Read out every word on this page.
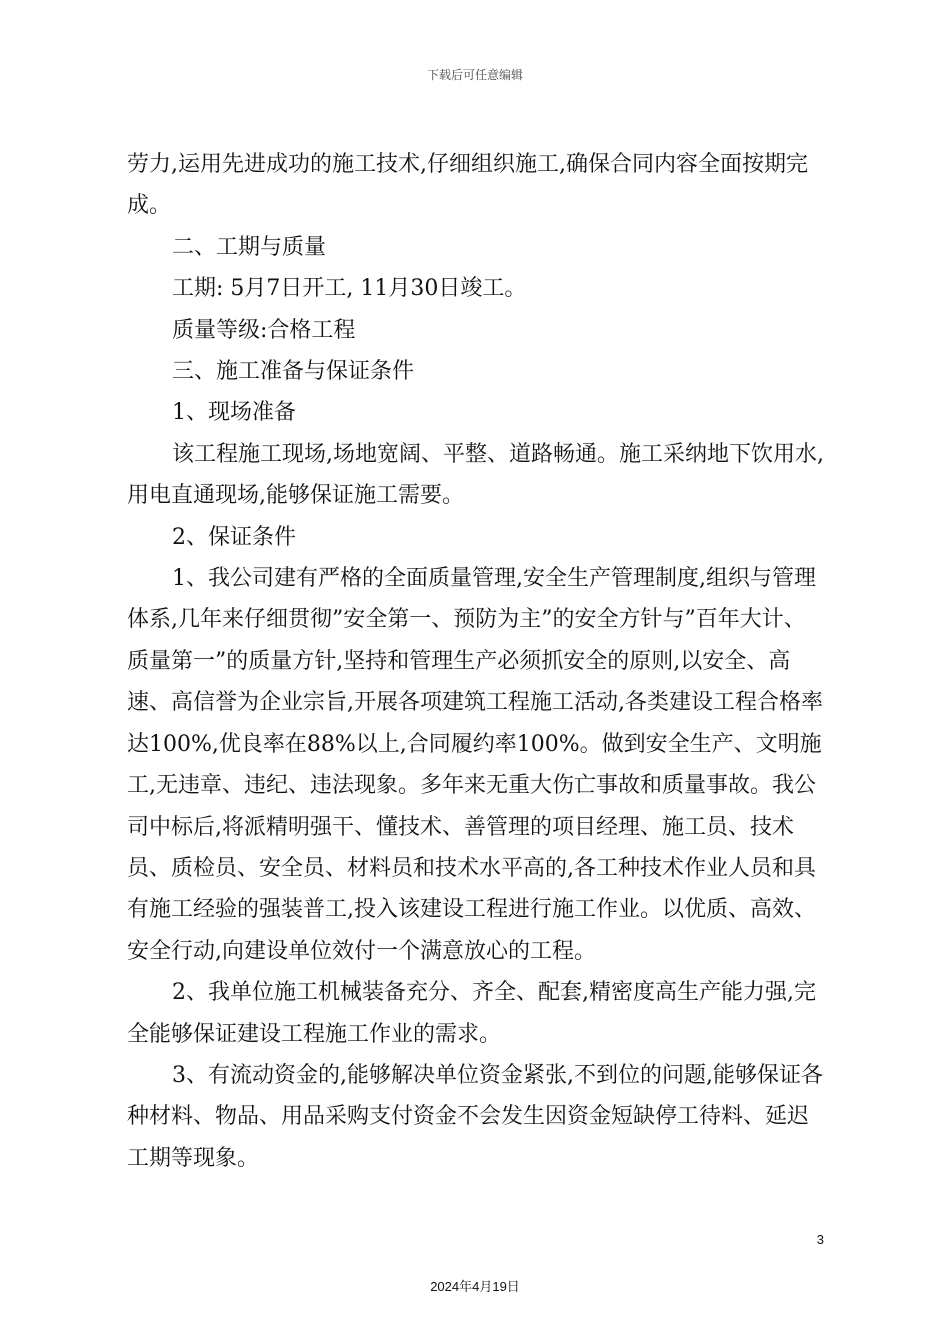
下载后可任意编辑

劳力,运用先进成功的施工技术,仔细组织施工,确保合同内容全面按期完成。

二、工期与质量

工期: 5月7日开工, 11月30日竣工。

质量等级:合格工程

三、施工准备与保证条件

1、现场准备

该工程施工现场,场地宽阔、平整、道路畅通。施工采纳地下饮用水,用电直通现场,能够保证施工需要。

2、保证条件

1、我公司建有严格的全面质量管理,安全生产管理制度,组织与管理体系,几年来仔细贯彻”安全第一、预防为主”的安全方针与”百年大计、质量第一”的质量方针,坚持和管理生产必须抓安全的原则,以安全、高速、高信誉为企业宗旨,开展各项建筑工程施工活动,各类建设工程合格率达100%,优良率在88%以上,合同履约率100%。做到安全生产、文明施工,无违章、违纪、违法现象。多年来无重大伤亡事故和质量事故。我公司中标后,将派精明强干、懂技术、善管理的项目经理、施工员、技术员、质检员、安全员、材料员和技术水平高的,各工种技术作业人员和具有施工经验的强装普工,投入该建设工程进行施工作业。以优质、高效、安全行动,向建设单位效付一个满意放心的工程。

2、我单位施工机械装备充分、齐全、配套,精密度高生产能力强,完全能够保证建设工程施工作业的需求。

3、有流动资金的,能够解决单位资金紧张,不到位的问题,能够保证各种材料、物品、用品采购支付资金不会发生因资金短缺停工待料、延迟工期等现象。

3
2024年4月19日
